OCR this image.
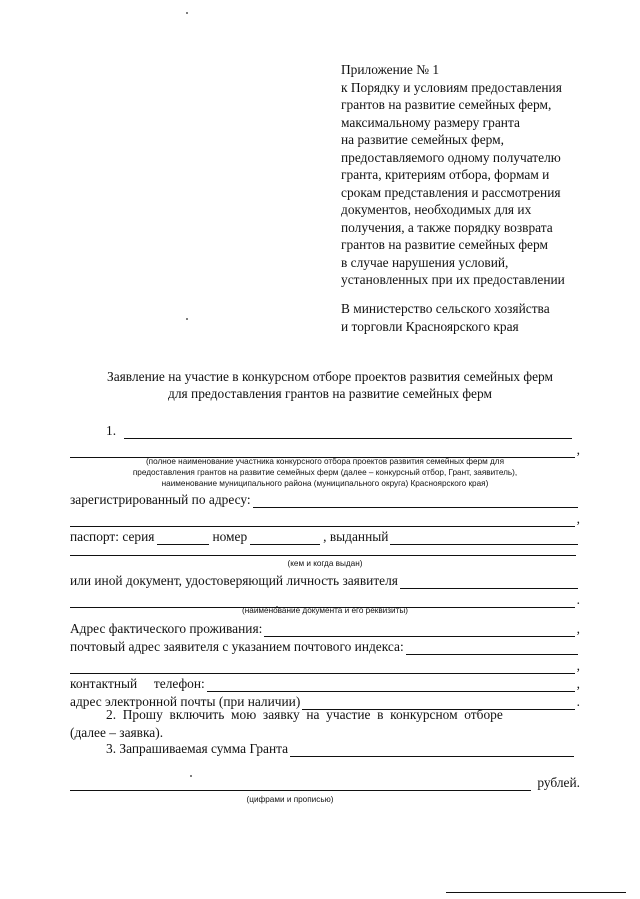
Приложение № 1
к Порядку и условиям предоставления
грантов на развитие семейных ферм,
максимальному размеру гранта
на развитие семейных ферм,
предоставляемого одному получателю
гранта, критериям отбора, формам и
срокам представления и рассмотрения
документов, необходимых для их
получения, а также порядку возврата
грантов на развитие семейных ферм
в случае нарушения условий,
установленных при их предоставлении
В министерство сельского хозяйства
и торговли Красноярского края
Заявление на участие в конкурсном отборе проектов развития семейных ферм
для предоставления грантов на развитие семейных ферм
1.
,
(полное наименование участника конкурсного отбора проектов развития семейных ферм для
предоставления грантов на развитие семейных ферм (далее – конкурсный отбор, Грант, заявитель),
наименование муниципального района (муниципального округа) Красноярского края)
зарегистрированный по адресу:
,
паспорт: серия	номер	, выданный
(кем и когда выдан)
или иной документ, удостоверяющий личность заявителя
.
(наименование документа и его реквизиты)
Адрес фактического проживания:	,
почтовый адрес заявителя с указанием почтового индекса:
,
контактный     телефон:	,
адрес электронной почты (при наличии)	.
2.  Прошу  включить  мою  заявку  на  участие  в  конкурсном  отборе
(далее – заявка).
3. Запрашиваемая сумма Гранта
рублей.
(цифрами и прописью)
